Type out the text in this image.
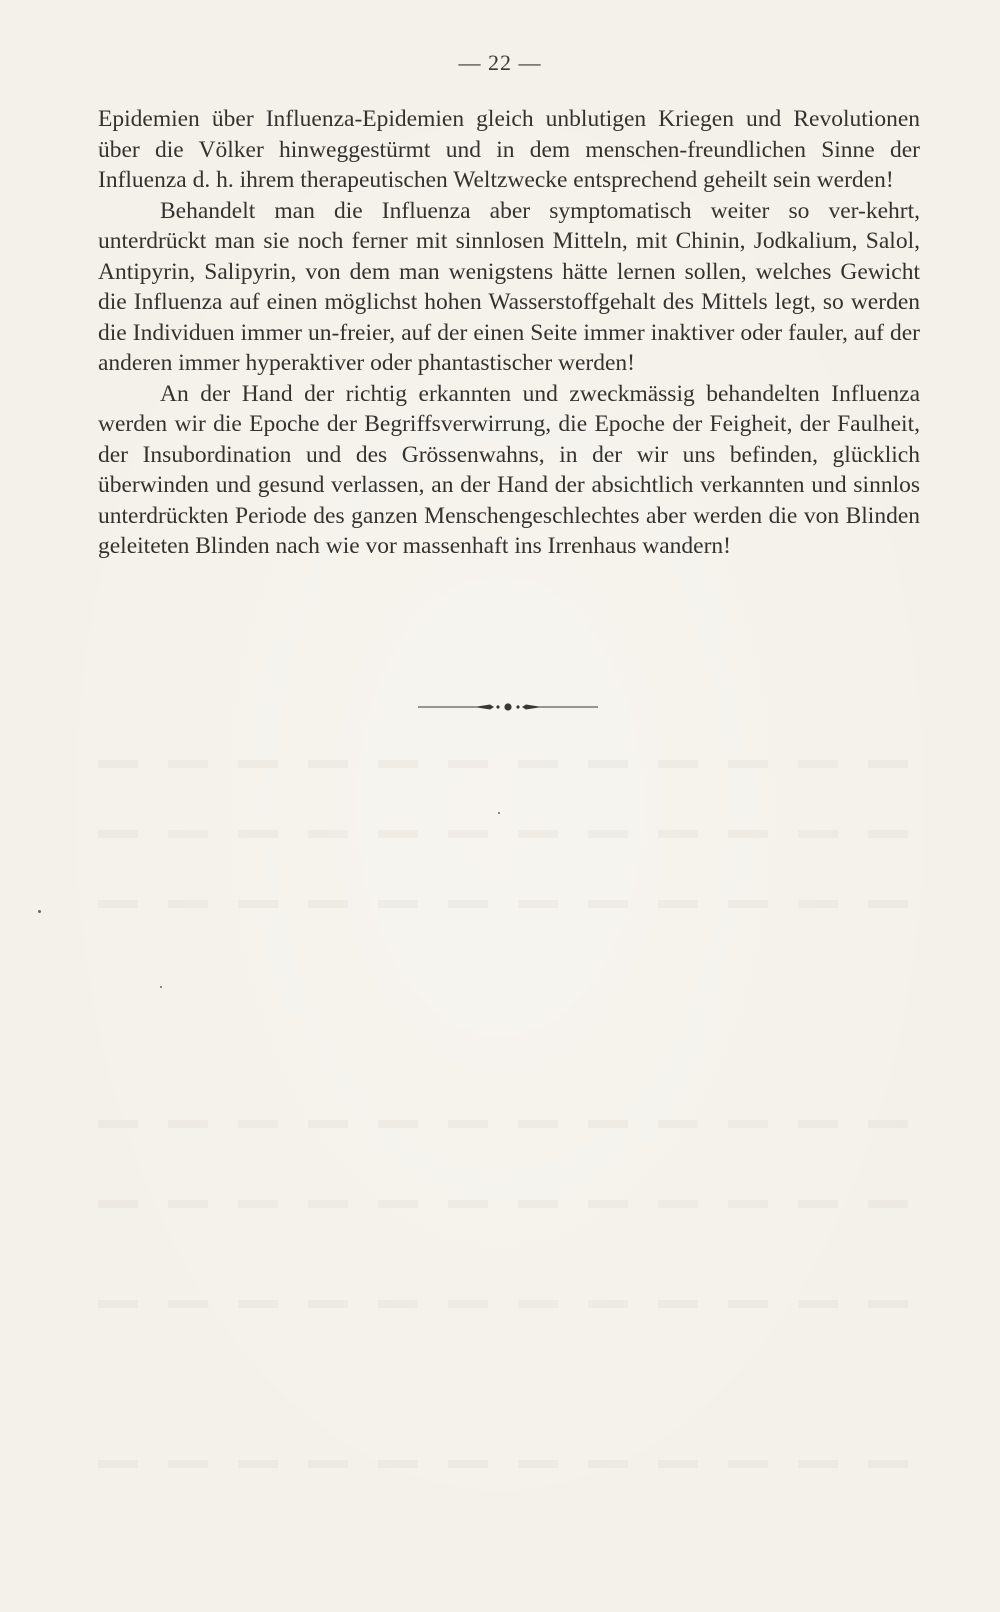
— 22 —

Epidemien über Influenza-Epidemien gleich unblutigen Kriegen und Revolutionen über die Völker hinweggestürmt und in dem menschen-freundlichen Sinne der Influenza d. h. ihrem therapeutischen Weltzwecke entsprechend geheilt sein werden!

Behandelt man die Influenza aber symptomatisch weiter so ver-kehrt, unterdrückt man sie noch ferner mit sinnlosen Mitteln, mit Chinin, Jodkalium, Salol, Antipyrin, Salipyrin, von dem man wenigstens hätte lernen sollen, welches Gewicht die Influenza auf einen möglichst hohen Wasserstoffgehalt des Mittels legt, so werden die Individuen immer un-freier, auf der einen Seite immer inaktiver oder fauler, auf der anderen immer hyperaktiver oder phantastischer werden!

An der Hand der richtig erkannten und zweckmässig behandelten Influenza werden wir die Epoche der Begriffsverwirrung, die Epoche der Feigheit, der Faulheit, der Insubordination und des Grössenwahns, in der wir uns befinden, glücklich überwinden und gesund verlassen, an der Hand der absichtlich verkannten und sinnlos unterdrückten Periode des ganzen Menschengeschlechtes aber werden die von Blinden geleiteten Blinden nach wie vor massenhaft ins Irrenhaus wandern!
